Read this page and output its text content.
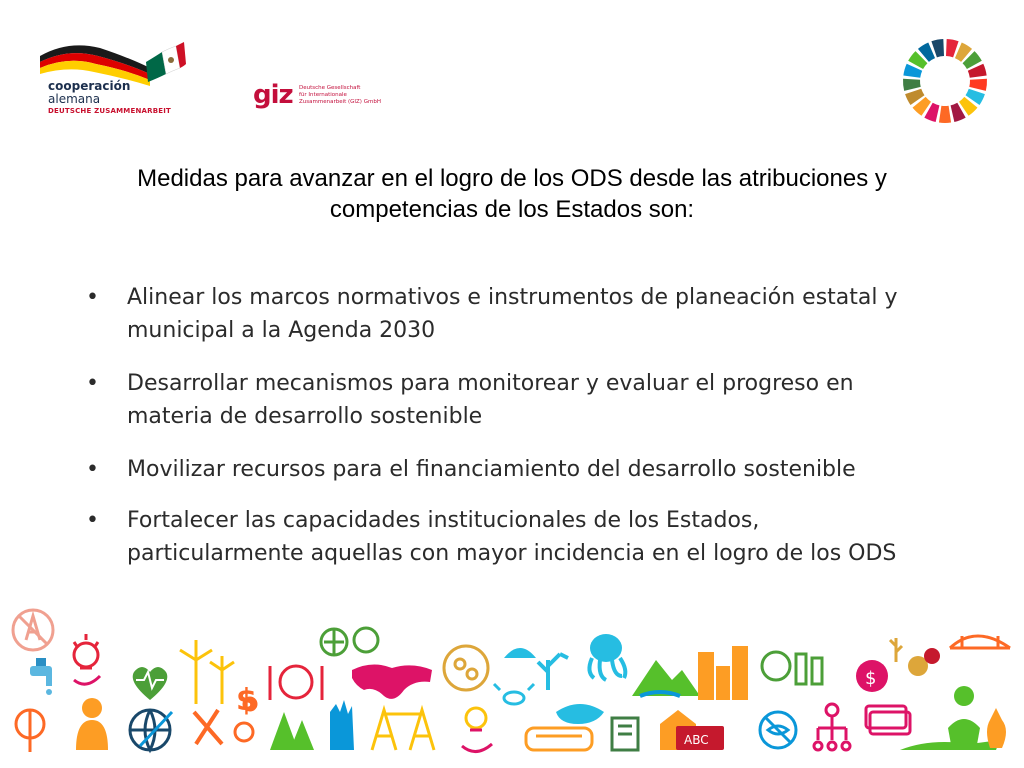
cooperación
alemana
DEUTSCHE ZUSAMMENARBEIT
giz Deutsche Gesellschaft
für Internationale
Zusammenarbeit (GIZ) GmbH
Medidas para avanzar en el logro de los ODS desde las atribuciones y
competencias de los Estados son:
• Alinear los marcos normativos e instrumentos de planeación estatal y
municipal a la Agenda 2030
• Desarrollar mecanismos para monitorear y evaluar el progreso en
materia de desarrollo sostenible
• Movilizar recursos para el financiamiento del desarrollo sostenible
• Fortalecer las capacidades institucionales de los Estados,
particularmente aquellas con mayor incidencia en el logro de los ODS
$
$
ABC
